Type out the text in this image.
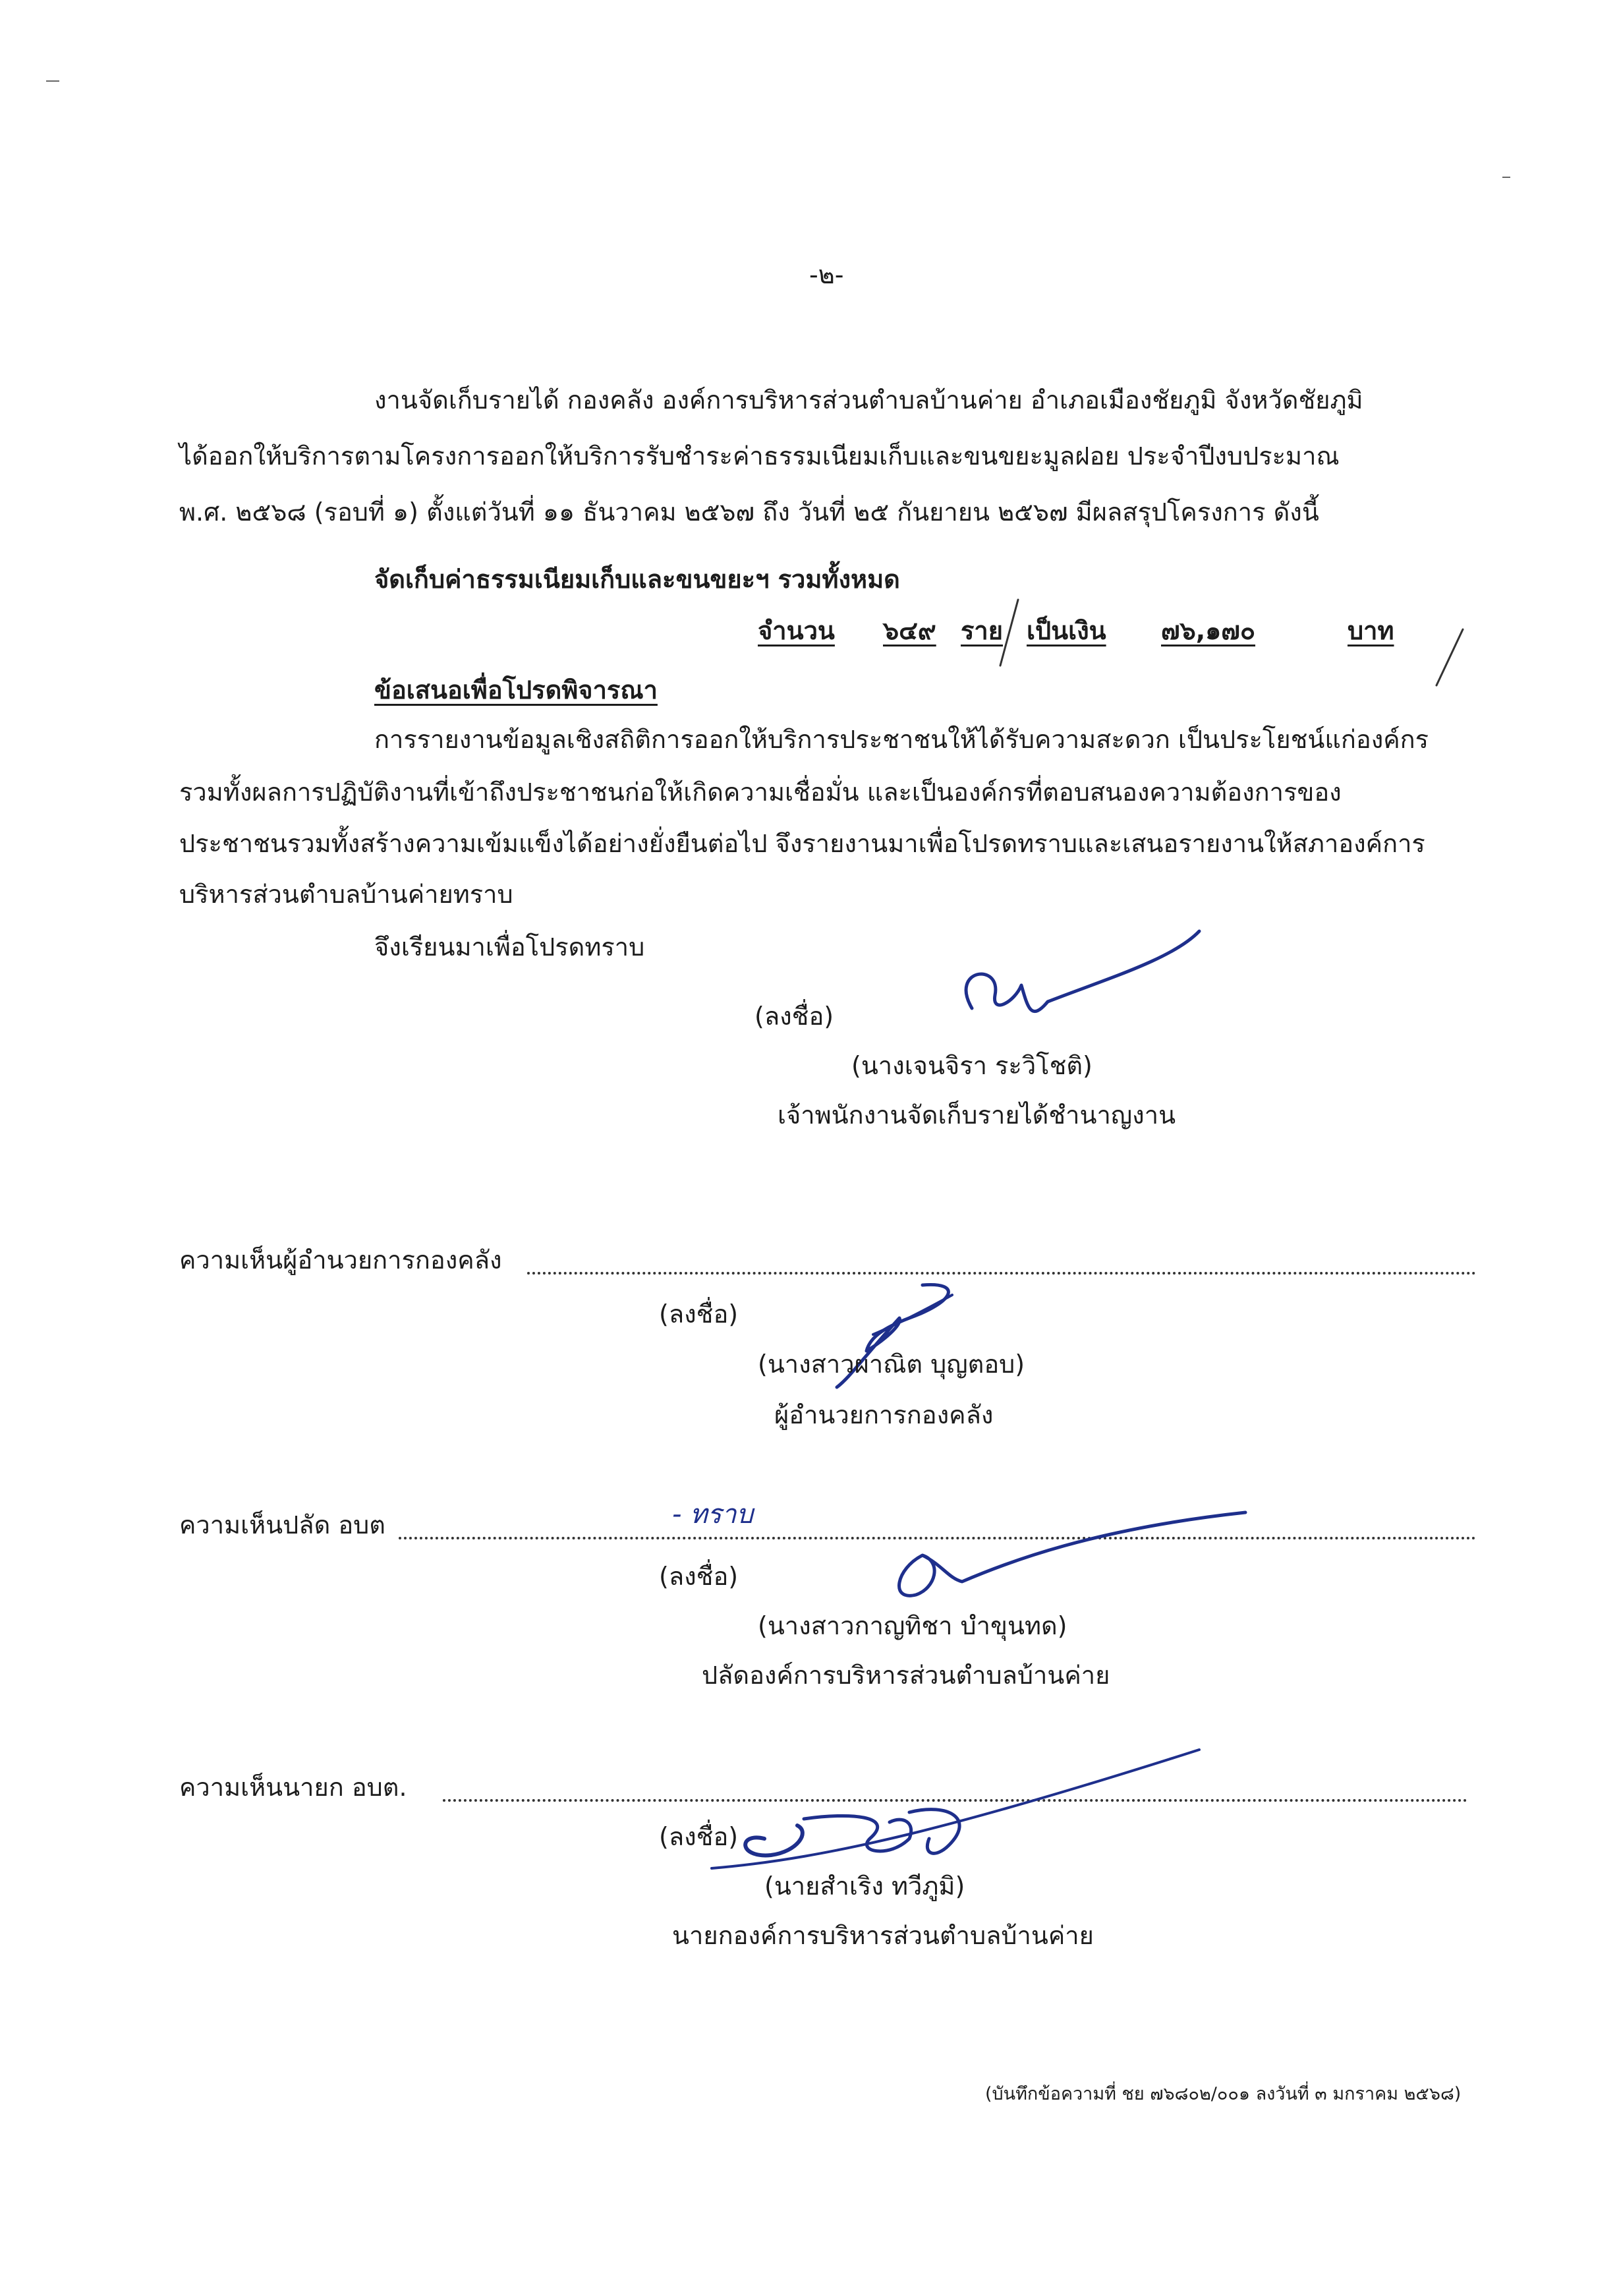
-๒-
งานจัดเก็บรายได้ กองคลัง องค์การบริหารส่วนตำบลบ้านค่าย อำเภอเมืองชัยภูมิ จังหวัดชัยภูมิ
ได้ออกให้บริการตามโครงการออกให้บริการรับชำระค่าธรรมเนียมเก็บและขนขยะมูลฝอย ประจำปีงบประมาณ
พ.ศ. ๒๕๖๘ (รอบที่ ๑) ตั้งแต่วันที่ ๑๑ ธันวาคม ๒๕๖๗ ถึง วันที่ ๒๕ กันยายน ๒๕๖๗ มีผลสรุปโครงการ ดังนี้
จัดเก็บค่าธรรมเนียมเก็บและขนขยะฯ รวมทั้งหมด
จำนวน ๖๔๙ ราย เป็นเงิน ๗๖,๑๗๐	บาท
ข้อเสนอเพื่อโปรดพิจารณา
การรายงานข้อมูลเชิงสถิติการออกให้บริการประชาชนให้ได้รับความสะดวก เป็นประโยชน์แก่องค์กร
รวมทั้งผลการปฏิบัติงานที่เข้าถึงประชาชนก่อให้เกิดความเชื่อมั่น และเป็นองค์กรที่ตอบสนองความต้องการของ
ประชาชนรวมทั้งสร้างความเข้มแข็งได้อย่างยั่งยืนต่อไป จึงรายงานมาเพื่อโปรดทราบและเสนอรายงานให้สภาองค์การ
บริหารส่วนตำบลบ้านค่ายทราบ
จึงเรียนมาเพื่อโปรดทราบ
(ลงชื่อ)
(นางเจนจิรา ระวิโชติ)
เจ้าพนักงานจัดเก็บรายได้ชำนาญงาน
ความเห็นผู้อำนวยการกองคลัง
(ลงชื่อ)
(นางสาวผาณิต บุญตอบ)
ผู้อำนวยการกองคลัง
ความเห็นปลัด อบต	- ทราบ
(ลงชื่อ)
(นางสาวกาญทิชา บำขุนทด)
ปลัดองค์การบริหารส่วนตำบลบ้านค่าย
ความเห็นนายก อบต.
(ลงชื่อ)
(นายสำเริง ทวีภูมิ)
นายกองค์การบริหารส่วนตำบลบ้านค่าย
(บันทึกข้อความที่ ชย ๗๖๘๐๒/๐๐๑ ลงวันที่ ๓ มกราคม ๒๕๖๘)
